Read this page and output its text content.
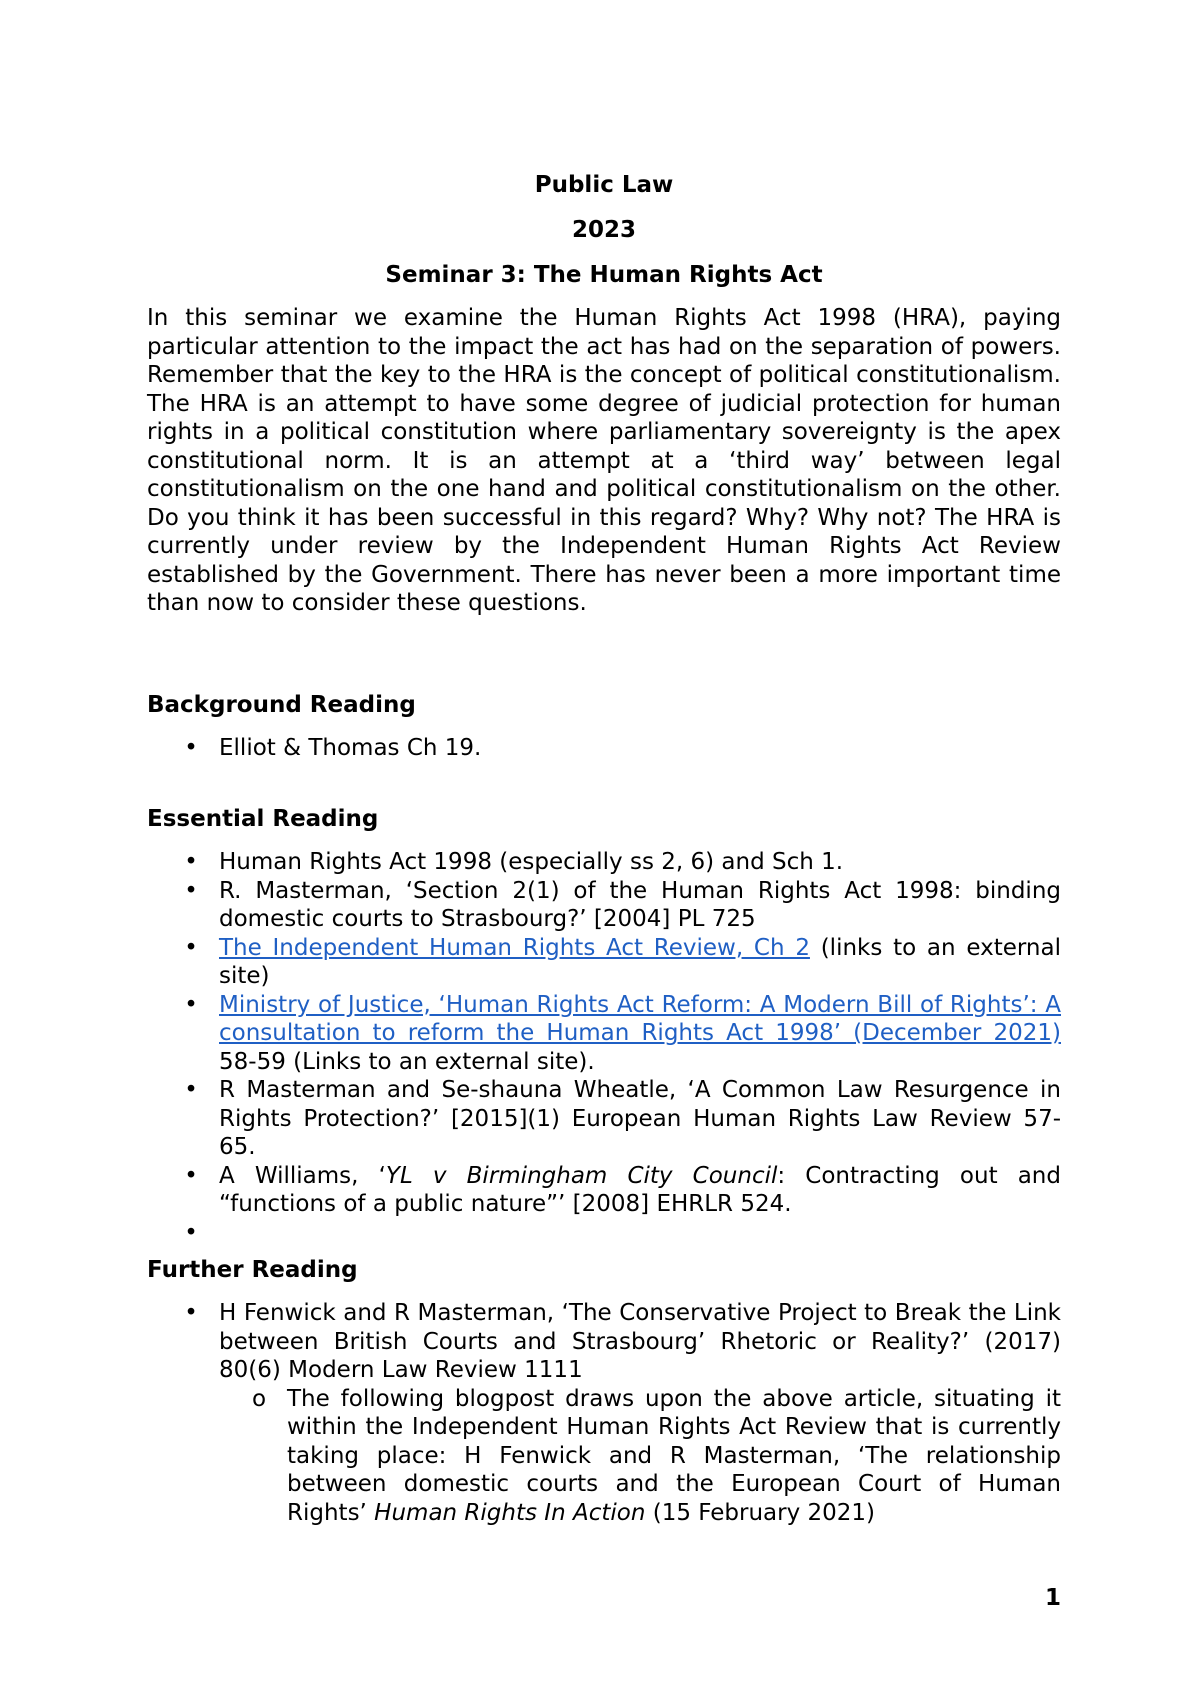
Public Law

2023

Seminar 3: The Human Rights Act

In this seminar we examine the Human Rights Act 1998 (HRA), paying particular attention to the impact the act has had on the separation of powers. Remember that the key to the HRA is the concept of political constitutionalism. The HRA is an attempt to have some degree of judicial protection for human rights in a political constitution where parliamentary sovereignty is the apex constitutional norm. It is an attempt at a ‘third way’ between legal constitutionalism on the one hand and political constitutionalism on the other. Do you think it has been successful in this regard? Why? Why not? The HRA is currently under review by the Independent Human Rights Act Review established by the Government. There has never been a more important time than now to consider these questions.

Background Reading

• Elliot & Thomas Ch 19.

Essential Reading

• Human Rights Act 1998 (especially ss 2, 6) and Sch 1.
• R. Masterman, ‘Section 2(1) of the Human Rights Act 1998: binding domestic courts to Strasbourg?’ [2004] PL 725
• The Independent Human Rights Act Review, Ch 2 (links to an external site)
• Ministry of Justice, ‘Human Rights Act Reform: A Modern Bill of Rights’: A consultation to reform the Human Rights Act 1998’ (December 2021) 58-59 (Links to an external site).
• R Masterman and Se-shauna Wheatle, ‘A Common Law Resurgence in Rights Protection?’ [2015](1) European Human Rights Law Review 57-65.
• A Williams, ‘YL v Birmingham City Council: Contracting out and “functions of a public nature”’ [2008] EHRLR 524.
•

Further Reading

• H Fenwick and R Masterman, ‘The Conservative Project to Break the Link between British Courts and Strasbourg’ Rhetoric or Reality?’ (2017) 80(6) Modern Law Review 1111
o The following blogpost draws upon the above article, situating it within the Independent Human Rights Act Review that is currently taking place: H Fenwick and R Masterman, ‘The relationship between domestic courts and the European Court of Human Rights’ Human Rights In Action (15 February 2021)
1
